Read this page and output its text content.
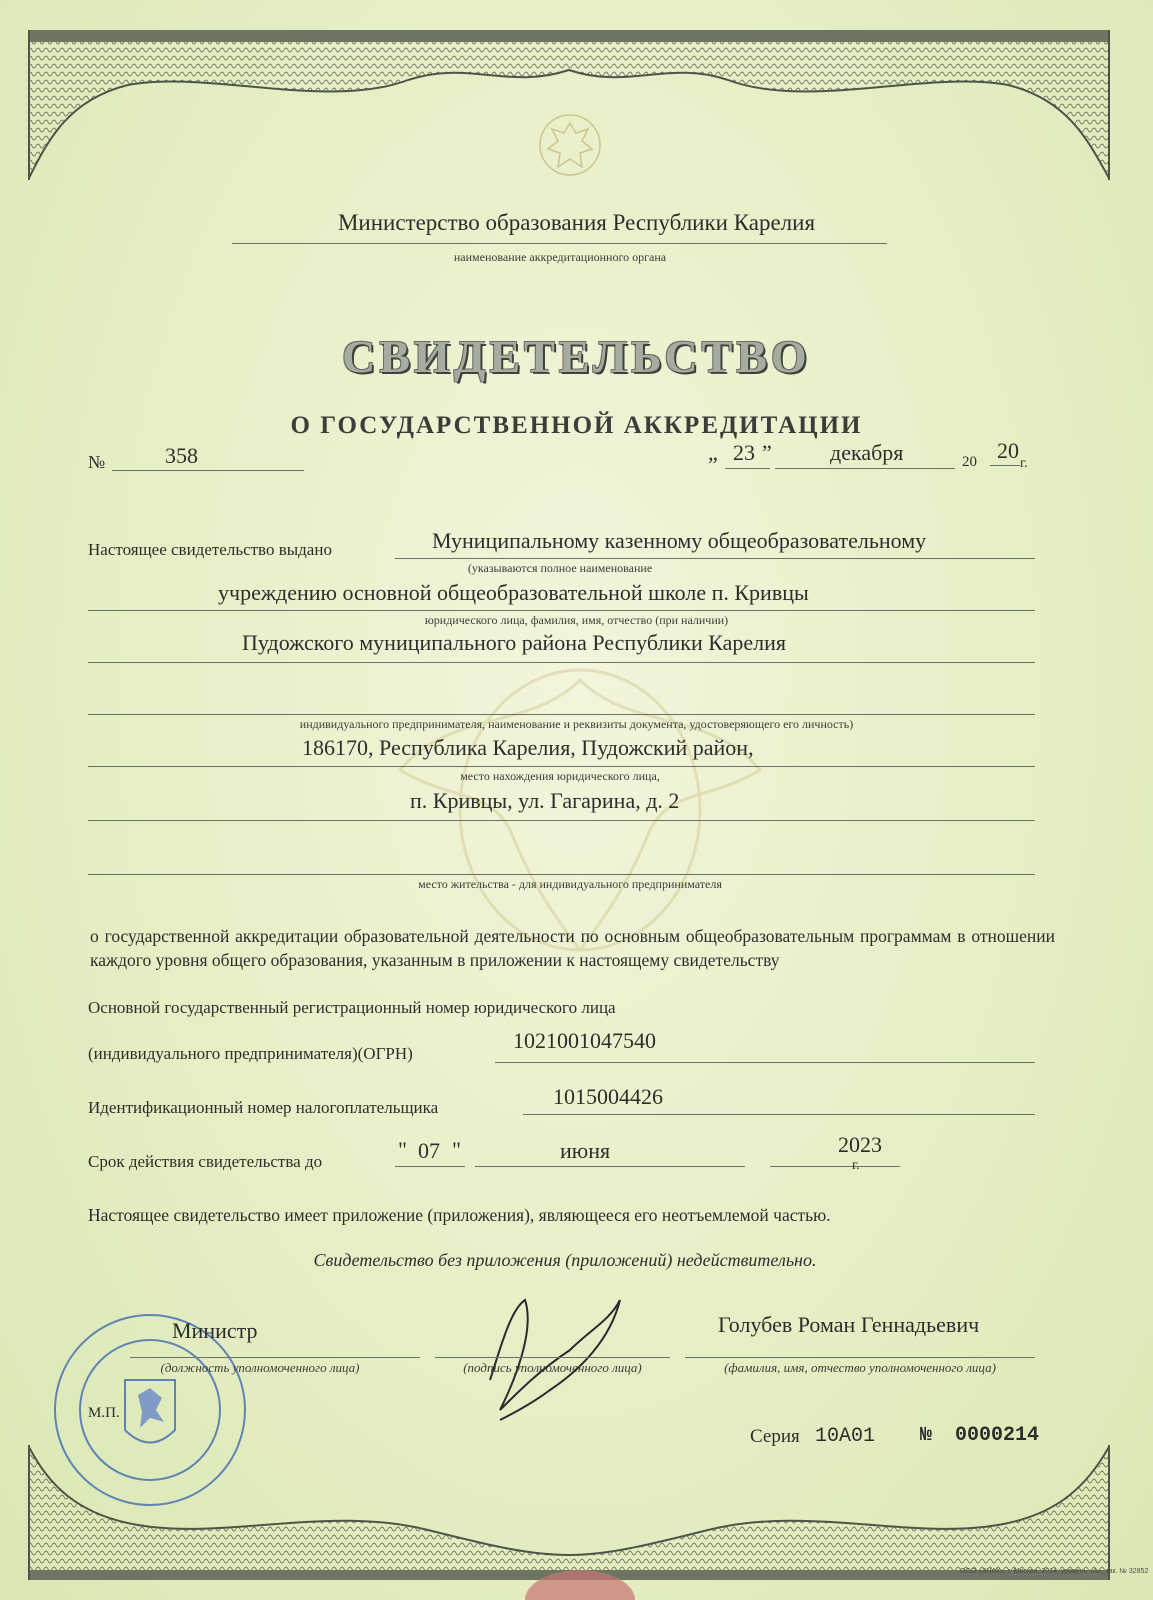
Министерство образования Республики Карелия
наименование аккредитационного органа
СВИДЕТЕЛЬСТВО
О ГОСУДАРСТВЕННОЙ АККРЕДИТАЦИИ
№	358	„ 23 ”	декабря	20 20
г.
Настоящее свидетельство выдано	Муниципальному казенному общеобразовательному
(указываются полное наименование
учреждению основной общеобразовательной школе п. Кривцы
юридического лица, фамилия, имя, отчество (при наличии)
Пудожского муниципального района Республики Карелия
индивидуального предпринимателя, наименование и реквизиты документа, удостоверяющего его личность)
186170, Республика Карелия, Пудожский район,
место нахождения юридического лица,
п. Кривцы, ул. Гагарина, д. 2
место жительства - для индивидуального предпринимателя
о государственной аккредитации образовательной деятельности по основным общеобразовательным программам в отношении каждого уровня общего образования, указанным в приложении к настоящему свидетельству
Основной государственный регистрационный номер юридического лица
(индивидуального предпринимателя)(ОГРН)
1021001047540
Идентификационный номер налогоплательщика	1015004426
Срок действия свидетельства до	" 07 "	июня	2023
г.
Настоящее свидетельство имеет приложение (приложения), являющееся его неотъемлемой частью.
Свидетельство без приложения (приложений) недействительно.
Министр
(должность уполномоченного лица)	(подпись уполномоченного лица)
Голубев Роман Геннадьевич
(фамилия, имя, отчество уполномоченного лица)
М.П.
Серия 10А01 № 0000214
ООО «ЗНАК», г. Москва, 2014, уровень «А», зак. № 32852
